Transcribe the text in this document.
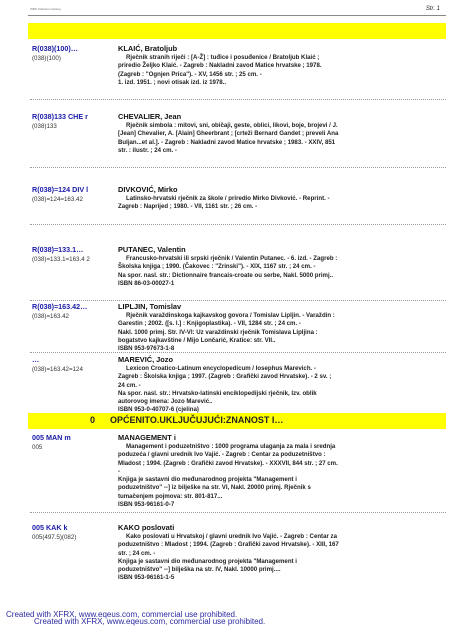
ISBN Software Katalog	Str. 1
R(038)(100)…
(038)(100)
KLAIĆ, Bratoljub
Rječnik stranih riječi : [A-Ž] : tuđice i posuđenice / Bratoljub Klaić ;
priredio Željko Klaić. - Zagreb : Nakladni zavod Matice hrvatske ; 1978.
(Zagreb : "Ognjen Prica"). - XV, 1456 str. ; 25 cm. -
1. izd. 1951. ; novi otisak izd. iz 1978..
R(038)133 CHE r
(038)133
CHEVALIER, Jean
Rječnik simbola : mitovi, sni, običaji, geste, oblici, likovi, boje, brojevi / J.
[Jean] Chevalier, A. [Alain] Gheerbrant ; [crteži Bernard Gandet ; preveli Ana
Buljan...et al.]. - Zagreb : Nakladni zavod Matice hrvatske ; 1983. - XXIV, 851
str. : ilustr. ; 24 cm. -
R(038)=124 DIV l
(038)=124=163.42
DIVKOVIĆ, Mirko
Latinsko-hrvatski rječnik za škole / priredio Mirko Divković. - Reprint. -
Zagreb : Naprijed ; 1980. - VII, 1161 str. ; 26 cm. -
R(038)=133.1…
(038)=133.1=163.4 2
PUTANEC, Valentin
Francusko-hrvatski ili srpski rječnik / Valentin Putanec. - 6. izd. - Zagreb :
Školska knjiga ; 1990. (Čakovec : "Zrinski"). - XIX, 1167 str. ; 24 cm. -
Na spor. nasl. str.: Dictionnaire francais-croate ou serbe, Nakl. 5000 primj..
ISBN 86-03-00027-1
R(038)=163.42…
(038)=163.42
LIPLJIN, Tomislav
Rječnik varaždinskoga kajkavskog govora / Tomislav Lipljin. - Varaždin :
Garestin ; 2002. ([s. l.] : Knjigoplastika). - VII, 1284 str. ; 24 cm. -
Nakl. 1000 primj. Str. IV-VI: Uz varaždinski rječnik Tomislava Lipljina :
bogatstvo kajkavštine / Mijo Lončarić, Kratice: str. VII..
ISBN 953-97673-1-8
…
(038)=163.42=124
MAREVIĆ, Jozo
Lexicon Croatico-Latinum encyclopedicum / Iosephus Marevich. -
Zagreb : Školska knjiga ; 1997. (Zagreb : Grafički zavod Hrvatske). - 2 sv. ;
24 cm. -
Na spor. nasl. str.: Hrvatsko-latinski enciklopedijski rječnik, Izv. oblik
autorovog imena: Jozo Marević..
ISBN 953-0-40707-6 (cjelina)
0 OPĆENITO.UKLJUČUJUĆI:ZNANOST I…
005 MAN m
005
MANAGEMENT i
Management i poduzetništvo : 1000 programa ulaganja za mala i srednja
poduzeća / glavni urednik Ivo Vajić. - Zagreb : Centar za poduzetništvo :
Mladost ; 1994. (Zagreb : Grafički zavod Hrvatske). - XXXVII, 844 str. ; 27 cm.
-
Knjiga je sastavni dio međunarodnog projekta "Management i
poduzetništvo" --] iz bilješke na str. VI, Nakl. 20000 primj. Rječnik s
tumačenjem pojmova: str. 801-817...
ISBN 953-96161-0-7
005 KAK k
005(497.5)(082)
KAKO poslovati
Kako poslovati u Hrvatskoj / glavni urednik Ivo Vajić. - Zagreb : Centar za
poduzetništvo : Mladost ; 1994. (Zagreb : Grafički zavod Hrvatske). - XIII, 167
str. ; 24 cm. -
Knjiga je sastavni dio međunarodnog projekta "Management i
poduzetništvo" --] bilješka na str. IV, Nakl. 10000 primj....
ISBN 953-96161-1-5
Created with XFRX, www.eqeus.com, commercial use prohibited.
Created with XFRX, www.eqeus.com, commercial use prohibited.
